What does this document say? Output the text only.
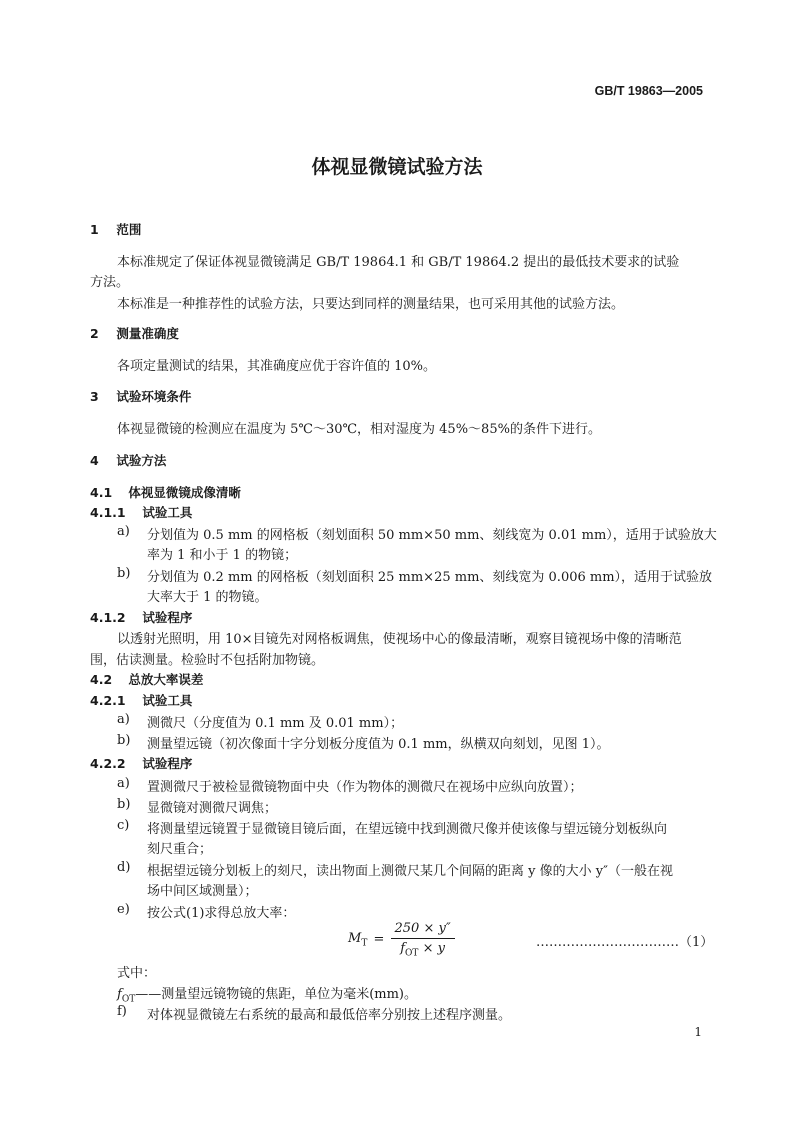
GB/T 19863—2005
体视显微镜试验方法
1 范围
本标准规定了保证体视显微镜满足 GB/T 19864.1 和 GB/T 19864.2 提出的最低技术要求的试验
方法。
本标准是一种推荐性的试验方法，只要达到同样的测量结果，也可采用其他的试验方法。
2 测量准确度
各项定量测试的结果，其准确度应优于容许值的 10%。
3 试验环境条件
体视显微镜的检测应在温度为 5℃～30℃，相对湿度为 45%～85%的条件下进行。
4 试验方法
4.1 体视显微镜成像清晰
4.1.1 试验工具
a)	分划值为 0.5 mm 的网格板（刻划面积 50 mm×50 mm、刻线宽为 0.01 mm），适用于试验放大
率为 1 和小于 1 的物镜；
b)	分划值为 0.2 mm 的网格板（刻划面积 25 mm×25 mm、刻线宽为 0.006 mm），适用于试验放
大率大于 1 的物镜。
4.1.2 试验程序
以透射光照明，用 10×目镜先对网格板调焦，使视场中心的像最清晰，观察目镜视场中像的清晰范
围，估读测量。检验时不包括附加物镜。
4.2 总放大率误差
4.2.1 试验工具
a)	测微尺（分度值为 0.1 mm 及 0.01 mm）；
b)	测量望远镜（初次像面十字分划板分度值为 0.1 mm，纵横双向刻划，见图 1）。
4.2.2 试验程序
a)	置测微尺于被检显微镜物面中央（作为物体的测微尺在视场中应纵向放置）；
b)	显微镜对测微尺调焦；
c)	将测量望远镜置于显微镜目镜后面，在望远镜中找到测微尺像并使该像与望远镜分划板纵向
刻尺重合；
d)	根据望远镜分划板上的刻尺，读出物面上测微尺某几个间隔的距离 y 像的大小 y″（一般在视
场中间区域测量）；
e)	按公式(1)求得总放大率：
$M_T = \frac{250 \times y''}{f_{OT} \times y}$	……………………………（1）
式中：
$f_{OT}——$测量望远镜物镜的焦距，单位为毫米(mm)。
f)	对体视显微镜左右系统的最高和最低倍率分别按上述程序测量。
1
